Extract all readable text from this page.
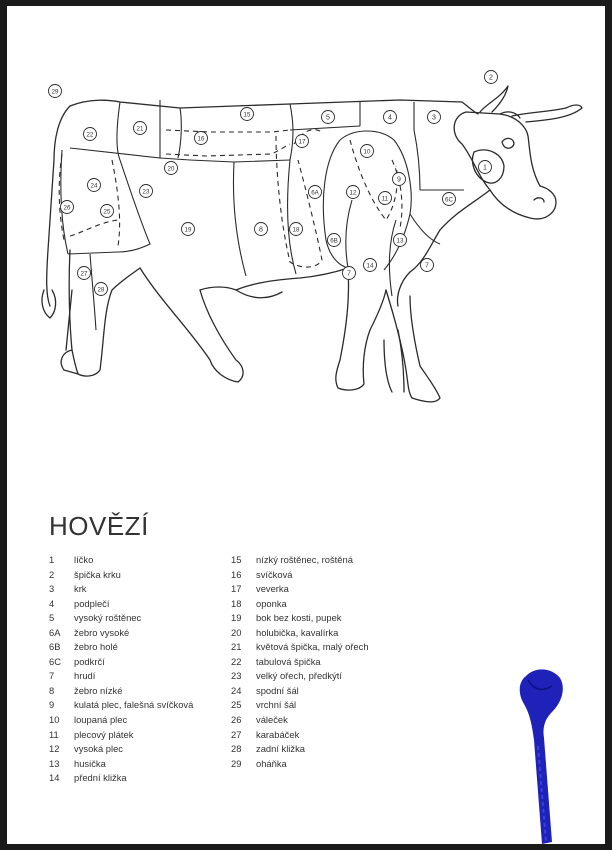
29
2
22
21
16
15	5	4	3
17
10
1
20
9
24
23	12
11
6A
6C
26
25
19	8	18
6B	13
7
14	7
27
28
HOVĚZÍ
1 líčko
2 špička krku
3 krk
4 podplečí
5 vysoký roštěnec
6A žebro vysoké
6B žebro holé
6C podkrčí
7 hrudí
8 žebro nízké
9 kulatá plec, falešná svíčková
10 loupaná plec
11 plecový plátek
12 vysoká plec
13 husička
14 přední kližka
15 nízký roštěnec, roštěná
16 svíčková
17 veverka
18 oponka
19 bok bez kosti, pupek
20 holubička, kavalírka
21 květová špička, malý ořech
22 tabulová špička
23 velký ořech, předkýtí
24 spodní šál
25 vrchní šál
26 váleček
27 karabáček
28 zadní kližka
29 oháňka
